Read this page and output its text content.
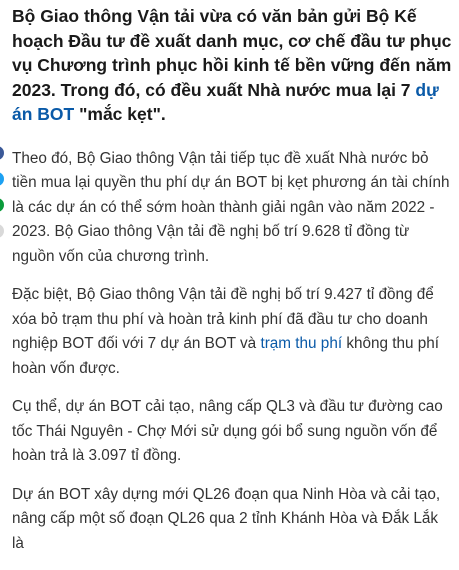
Bộ Giao thông Vận tải vừa có văn bản gửi Bộ Kế hoạch Đầu tư đề xuất danh mục, cơ chế đầu tư phục vụ Chương trình phục hồi kinh tế bền vững đến năm 2023. Trong đó, có đều xuất Nhà nước mua lại 7 dự án BOT "mắc kẹt".

Theo đó, Bộ Giao thông Vận tải tiếp tục đề xuất Nhà nước bỏ tiền mua lại quyền thu phí dự án BOT bị kẹt phương án tài chính là các dự án có thể sớm hoàn thành giải ngân vào năm 2022 - 2023. Bộ Giao thông Vận tải đề nghị bố trí 9.628 tỉ đồng từ nguồn vốn của chương trình.

Đặc biệt, Bộ Giao thông Vận tải đề nghị bố trí 9.427 tỉ đồng để xóa bỏ trạm thu phí và hoàn trả kinh phí đã đầu tư cho doanh nghiệp BOT đối với 7 dự án BOT và trạm thu phí không thu phí hoàn vốn được.

Cụ thể, dự án BOT cải tạo, nâng cấp QL3 và đầu tư đường cao tốc Thái Nguyên - Chợ Mới sử dụng gói bổ sung nguồn vốn để hoàn trả là 3.097 tỉ đồng.

Dự án BOT xây dựng mới QL26 đoạn qua Ninh Hòa và cải tạo, nâng cấp một số đoạn QL26 qua 2 tỉnh Khánh Hòa và Đắk Lắk là
